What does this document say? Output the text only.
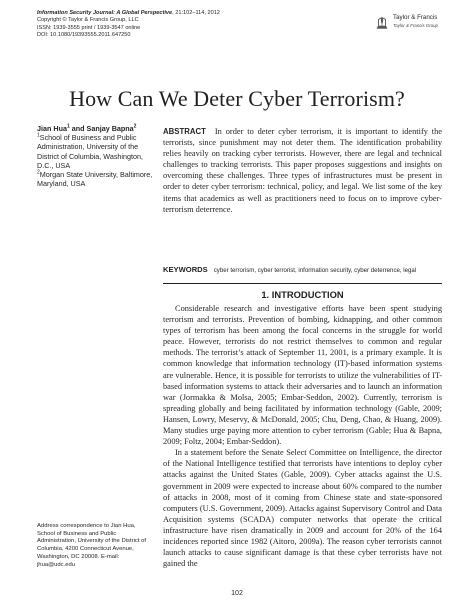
Information Security Journal: A Global Perspective, 21:102–114, 2012
Copyright © Taylor & Francis Group, LLC
ISSN: 1939-3555 print / 1939-3547 online
DOI: 10.1080/19393555.2011.647250
Taylor & Francis
Taylor & Francis Group
How Can We Deter Cyber Terrorism?
Jian Hua$^1$ and Sanjay Bapna$^2$
$^1$School of Business and Public Administration, University of the District of Columbia, Washington, D.C., USA
$^2$Morgan State University, Baltimore, Maryland, USA
ABSTRACT In order to deter cyber terrorism, it is important to identify the terrorists, since punishment may not deter them. The identification probability relies heavily on tracking cyber terrorists. However, there are legal and technical challenges to tracking terrorists. This paper proposes suggestions and insights on overcoming these challenges. Three types of infrastructures must be present in order to deter cyber terrorism: technical, policy, and legal. We list some of the key items that academics as well as practitioners need to focus on to improve cyber-terrorism deterrence.
KEYWORDS cyber terrorism, cyber terrorist, information security, cyber deterrence, legal
1. INTRODUCTION

Considerable research and investigative efforts have been spent studying terrorism and terrorists. Prevention of bombing, kidnapping, and other common types of terrorism has been among the focal concerns in the struggle for world peace. However, terrorists do not restrict themselves to common and regular methods. The terrorist’s attack of September 11, 2001, is a primary example. It is common knowledge that information technology (IT)-based information systems are vulnerable. Hence, it is possible for terrorists to utilize the vulnerabilities of IT-based information systems to attack their adversaries and to launch an information war (Jormakka & Molsa, 2005; Embar-Seddon, 2002). Currently, terrorism is spreading globally and being facilitated by information technology (Gable, 2009; Hansen, Lowry, Meservy, & McDonald, 2005; Chu, Deng, Chao, & Huang, 2009). Many studies urge paying more attention to cyber terrorism (Gable; Hua & Bapna, 2009; Foltz, 2004; Embar-Seddon).

In a statement before the Senate Select Committee on Intelligence, the director of the National Intelligence testified that terrorists have intentions to deploy cyber attacks against the United States (Gable, 2009). Cyber attacks against the U.S. government in 2009 were expected to increase about 60% compared to the number of attacks in 2008, most of it coming from Chinese state and state-sponsored computers (U.S. Government, 2009). Attacks against Supervisory Control and Data Acquisition systems (SCADA) computer networks that operate the critical infrastructure have risen dramatically in 2009 and account for 20% of the 164 incidences reported since 1982 (Aitoro, 2009a). The reason cyber terrorists cannot launch attacks to cause significant damage is that these cyber terrorists have not gained the

Address correspondence to Jian Hua, School of Business and Public Administration, University of the District of Columbia, 4200 Connecticut Avenue, Washington, DC 20008. E-mail: jhua@udc.edu
102
